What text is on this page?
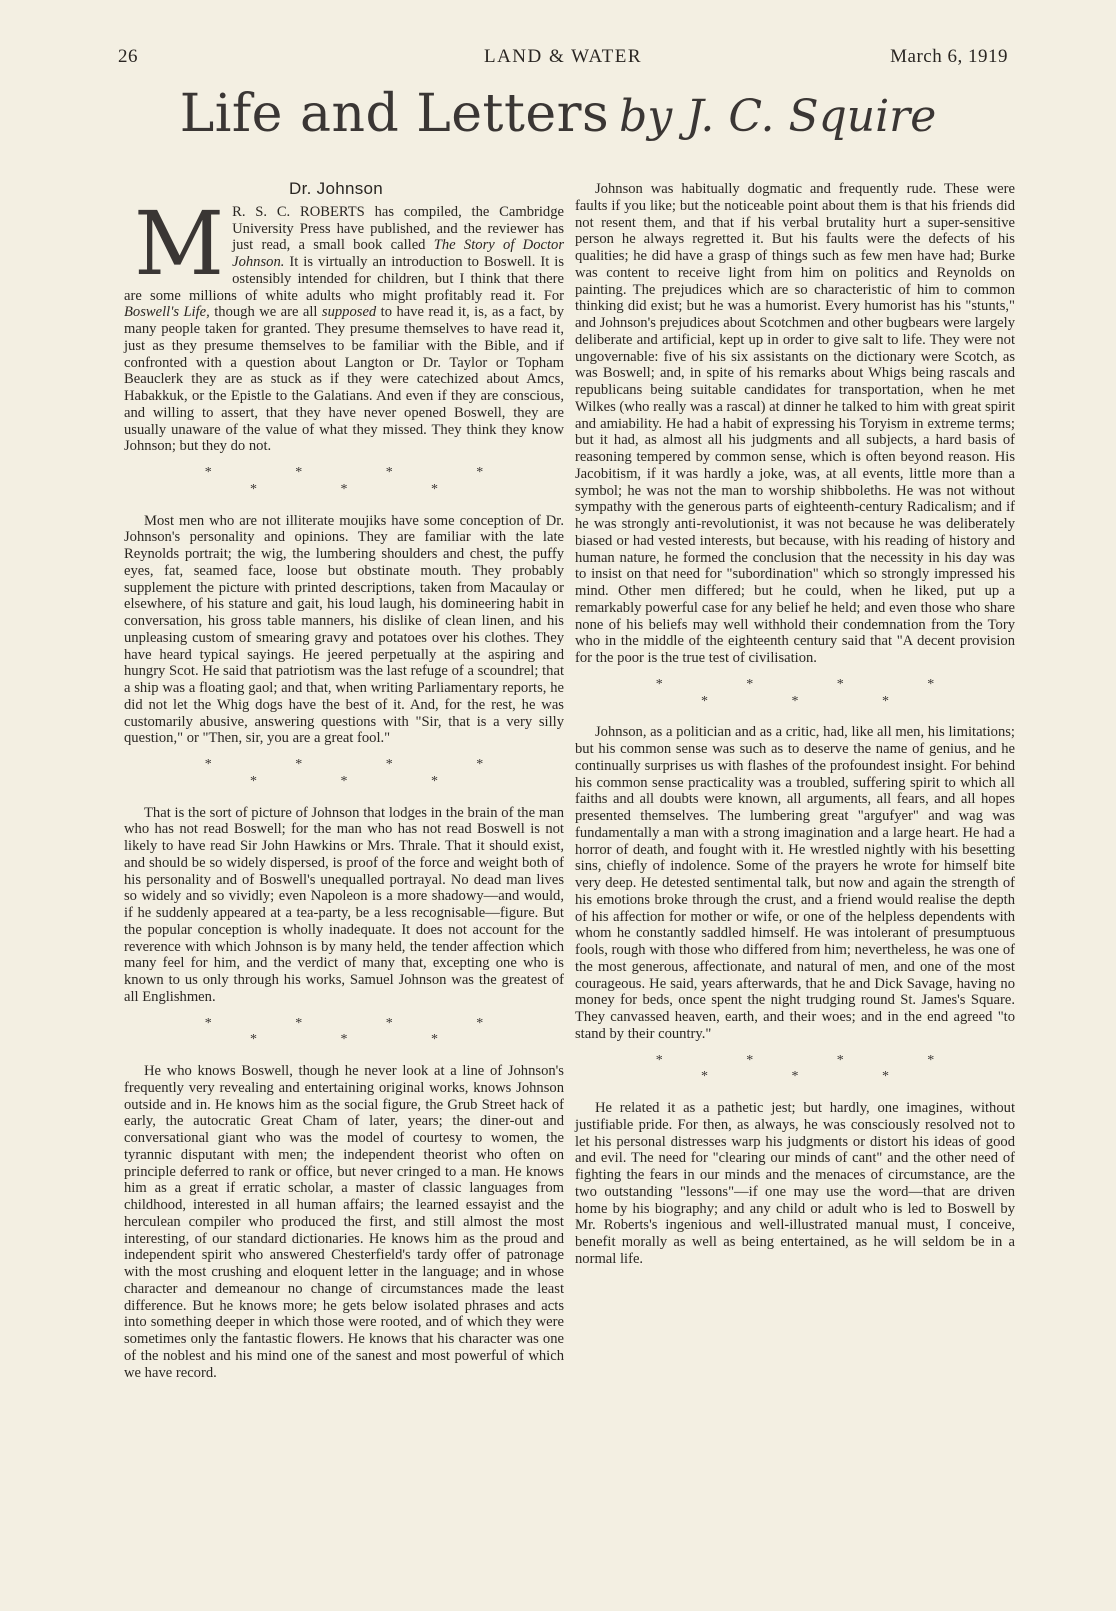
26	LAND & WATER	March 6, 1919
Life and Letters by J. C. Squire
Dr. Johnson

M R. S. C. ROBERTS has compiled, the Cambridge University Press have published, and the reviewer has just read, a small book called The Story of Doctor Johnson. It is virtually an introduction to Boswell. It is ostensibly intended for children, but I think that there are some millions of white adults who might profitably read it. For Boswell's Life, though we are all supposed to have read it, is, as a fact, by many people taken for granted. They presume themselves to have read it, just as they presume themselves to be familiar with the Bible, and if confronted with a question about Langton or Dr. Taylor or Topham Beauclerk they are as stuck as if they were catechized about Amcs, Habakkuk, or the Epistle to the Galatians. And even if they are conscious, and willing to assert, that they have never opened Boswell, they are usually unaware of the value of what they missed. They think they know Johnson; but they do not.

* * * * * * *

Most men who are not illiterate moujiks have some conception of Dr. Johnson's personality and opinions. They are familiar with the late Reynolds portrait; the wig, the lumbering shoulders and chest, the puffy eyes, fat, seamed face, loose but obstinate mouth. They probably supplement the picture with printed descriptions, taken from Macaulay or elsewhere, of his stature and gait, his loud laugh, his domineering habit in conversation, his gross table manners, his dislike of clean linen, and his unpleasing custom of smearing gravy and potatoes over his clothes. They have heard typical sayings. He jeered perpetually at the aspiring and hungry Scot. He said that patriotism was the last refuge of a scoundrel; that a ship was a floating gaol; and that, when writing Parliamentary reports, he did not let the Whig dogs have the best of it. And, for the rest, he was customarily abusive, answering questions with "Sir, that is a very silly question," or "Then, sir, you are a great fool."

* * * * * * *

That is the sort of picture of Johnson that lodges in the brain of the man who has not read Boswell; for the man who has not read Boswell is not likely to have read Sir John Hawkins or Mrs. Thrale. That it should exist, and should be so widely dispersed, is proof of the force and weight both of his personality and of Boswell's unequalled portrayal. No dead man lives so widely and so vividly; even Napoleon is a more shadowy—and would, if he suddenly appeared at a tea-party, be a less recognisable—figure. But the popular conception is wholly inadequate. It does not account for the reverence with which Johnson is by many held, the tender affection which many feel for him, and the verdict of many that, excepting one who is known to us only through his works, Samuel Johnson was the greatest of all Englishmen.

* * * * * * *

He who knows Boswell, though he never look at a line of Johnson's frequently very revealing and entertaining original works, knows Johnson outside and in. He knows him as the social figure, the Grub Street hack of early, the autocratic Great Cham of later, years; the diner-out and conversational giant who was the model of courtesy to women, the tyrannic disputant with men; the independent theorist who often on principle deferred to rank or office, but never cringed to a man. He knows him as a great if erratic scholar, a master of classic languages from childhood, interested in all human affairs; the learned essayist and the herculean compiler who produced the first, and still almost the most interesting, of our standard dictionaries. He knows him as the proud and independent spirit who answered Chesterfield's tardy offer of patronage with the most crushing and eloquent letter in the language; and in whose character and demeanour no change of circumstances made the least difference. But he knows more; he gets below isolated phrases and acts into something deeper in which those were rooted, and of which they were sometimes only the fantastic flowers. He knows that his character was one of the noblest and his mind one of the sanest and most powerful of which we have record.

Johnson was habitually dogmatic and frequently rude. These were faults if you like; but the noticeable point about them is that his friends did not resent them, and that if his verbal brutality hurt a super-sensitive person he always regretted it. But his faults were the defects of his qualities; he did have a grasp of things such as few men have had; Burke was content to receive light from him on politics and Reynolds on painting. The prejudices which are so characteristic of him to common thinking did exist; but he was a humorist. Every humorist has his "stunts," and Johnson's prejudices about Scotchmen and other bugbears were largely deliberate and artificial, kept up in order to give salt to life. They were not ungovernable: five of his six assistants on the dictionary were Scotch, as was Boswell; and, in spite of his remarks about Whigs being rascals and republicans being suitable candidates for transportation, when he met Wilkes (who really was a rascal) at dinner he talked to him with great spirit and amiability. He had a habit of expressing his Toryism in extreme terms; but it had, as almost all his judgments and all subjects, a hard basis of reasoning tempered by common sense, which is often beyond reason. His Jacobitism, if it was hardly a joke, was, at all events, little more than a symbol; he was not the man to worship shibboleths. He was not without sympathy with the generous parts of eighteenth-century Radicalism; and if he was strongly anti-revolutionist, it was not because he was deliberately biased or had vested interests, but because, with his reading of history and human nature, he formed the conclusion that the necessity in his day was to insist on that need for "subordination" which so strongly impressed his mind. Other men differed; but he could, when he liked, put up a remarkably powerful case for any belief he held; and even those who share none of his beliefs may well withhold their condemnation from the Tory who in the middle of the eighteenth century said that "A decent provision for the poor is the true test of civilisation.

* * * * * * *

Johnson, as a politician and as a critic, had, like all men, his limitations; but his common sense was such as to deserve the name of genius, and he continually surprises us with flashes of the profoundest insight. For behind his common sense practicality was a troubled, suffering spirit to which all faiths and all doubts were known, all arguments, all fears, and all hopes presented themselves. The lumbering great "argufyer" and wag was fundamentally a man with a strong imagination and a large heart. He had a horror of death, and fought with it. He wrestled nightly with his besetting sins, chiefly of indolence. Some of the prayers he wrote for himself bite very deep. He detested sentimental talk, but now and again the strength of his emotions broke through the crust, and a friend would realise the depth of his affection for mother or wife, or one of the helpless dependents with whom he constantly saddled himself. He was intolerant of presumptuous fools, rough with those who differed from him; nevertheless, he was one of the most generous, affectionate, and natural of men, and one of the most courageous. He said, years afterwards, that he and Dick Savage, having no money for beds, once spent the night trudging round St. James's Square. They canvassed heaven, earth, and their woes; and in the end agreed "to stand by their country."

* * * * * * *

He related it as a pathetic jest; but hardly, one imagines, without justifiable pride. For then, as always, he was consciously resolved not to let his personal distresses warp his judgments or distort his ideas of good and evil. The need for "clearing our minds of cant" and the other need of fighting the fears in our minds and the menaces of circumstance, are the two outstanding "lessons"—if one may use the word—that are driven home by his biography; and any child or adult who is led to Boswell by Mr. Roberts's ingenious and well-illustrated manual must, I conceive, benefit morally as well as being entertained, as he will seldom be in a normal life.
